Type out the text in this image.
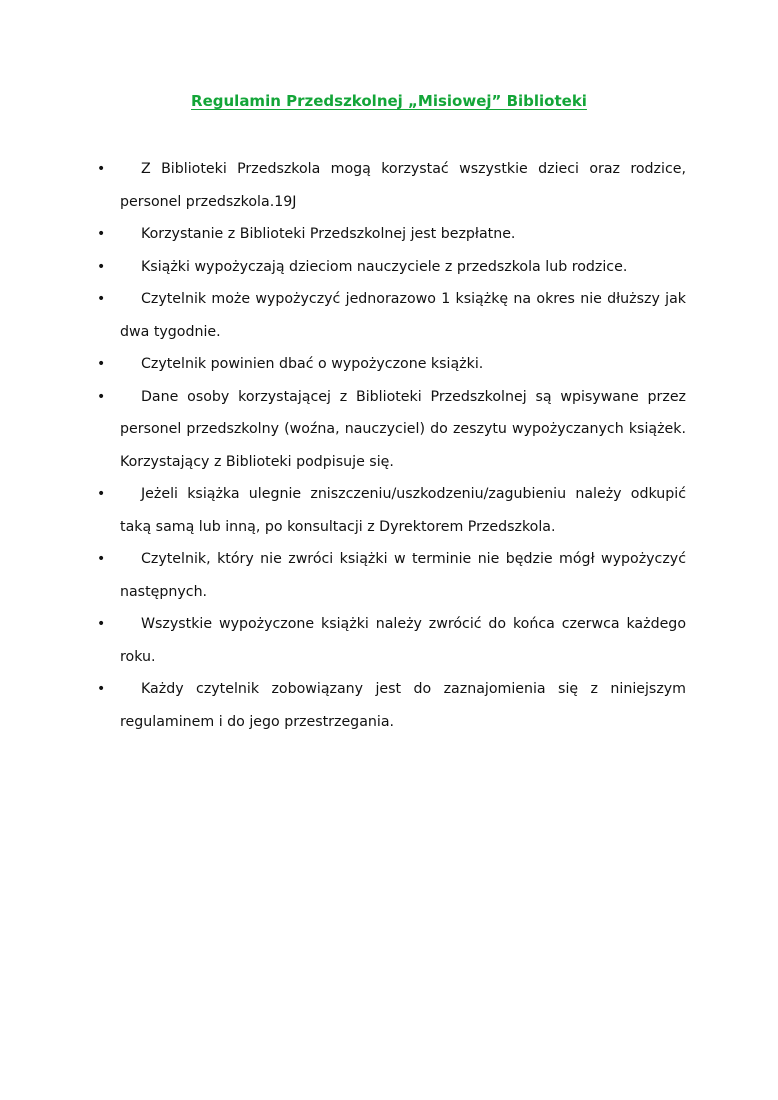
Regulamin Przedszkolnej „Misiowej” Biblioteki
•	Z Biblioteki Przedszkola mogą korzystać wszystkie dzieci oraz rodzice, personel przedszkola.19J
•	Korzystanie z Biblioteki Przedszkolnej jest bezpłatne.
•	Książki wypożyczają dzieciom nauczyciele z przedszkola lub rodzice.
•	Czytelnik może wypożyczyć jednorazowo 1 książkę na okres nie dłuższy jak dwa tygodnie.
•	Czytelnik powinien dbać o wypożyczone książki.
•	Dane osoby korzystającej z Biblioteki Przedszkolnej są wpisywane przez personel przedszkolny (woźna, nauczyciel) do zeszytu wypożyczanych książek. Korzystający z Biblioteki podpisuje się.
•	Jeżeli książka ulegnie zniszczeniu/uszkodzeniu/zagubieniu należy odkupić taką samą lub inną, po konsultacji z Dyrektorem Przedszkola.
•	Czytelnik, który nie zwróci książki w terminie nie będzie mógł wypożyczyć następnych.
•	Wszystkie wypożyczone książki należy zwrócić do końca czerwca każdego roku.
•	Każdy czytelnik zobowiązany jest do zaznajomienia się z niniejszym regulaminem i do jego przestrzegania.
